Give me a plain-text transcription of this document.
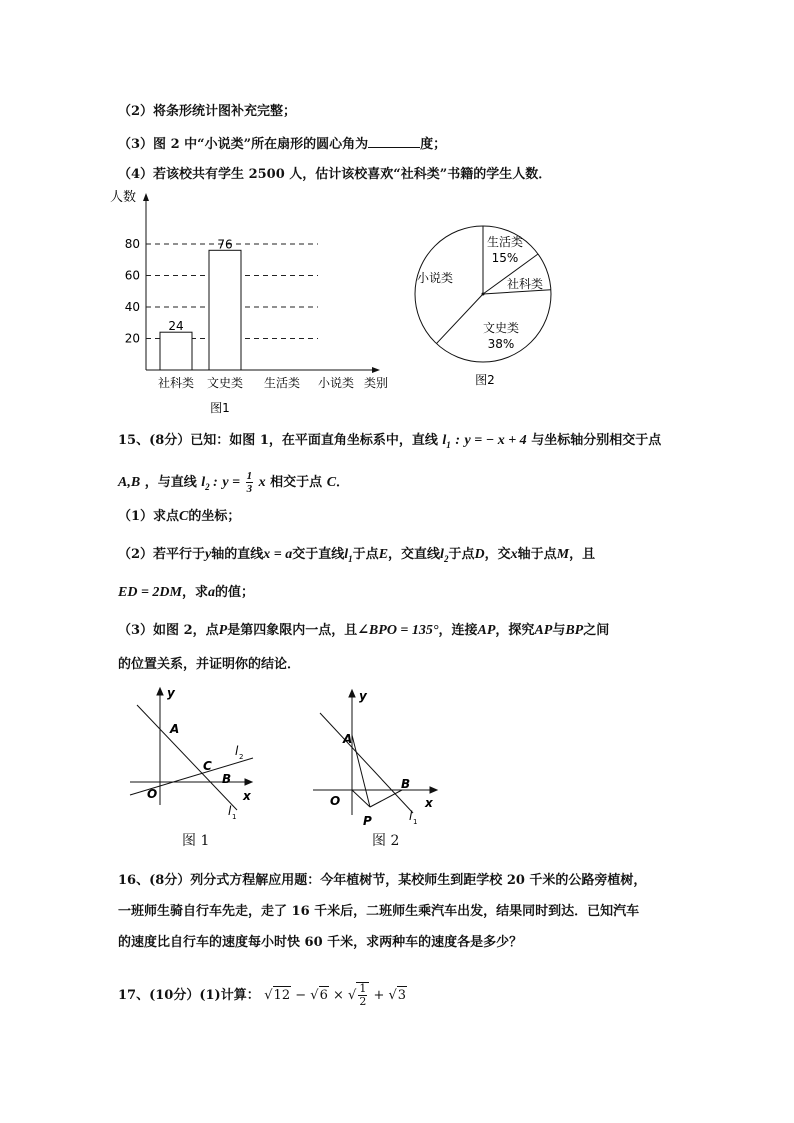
（2）将条形统计图补充完整；
（3）图 2 中“小说类”所在扇形的圆心角为	度；
（4）若该校共有学生 2500 人，估计该校喜欢“社科类”书籍的学生人数．
人数
20
40
60
80
24
社科类
76
文史类 生活类 小说类 类别
图1
生活类
15%
社科类
文史类
38%
小说类
图2
15、(8分）已知：如图 1，在平面直角坐标系中，直线 $l_1$ : y = − x + 4 与坐标轴分别相交于点
A,B ，与直线 $l_2$ : $y = \frac{1}{3}$ x 相交于点 C．
（1）求点C的坐标；
（2）若平行于y轴的直线x = a交于直线$l_1$于点E，交直线$l_2$于点D，交x轴于点M，且
ED = 2DM，求a的值；
（3）如图 2，点P是第四象限内一点，且∠BPO = 135°，连接AP，探究AP与BP之间
的位置关系，并证明你的结论．
y
x
A
C
B
O
l 2
l 1
图 1
y
x
A
B
O
P	l 1
图 2
16、(8分）列分式方程解应用题：今年植树节，某校师生到距学校 20 千米的公路旁植树，
一班师生骑自行车先走，走了 16 千米后，二班师生乘汽车出发，结果同时到达．已知汽车
的速度比自行车的速度每小时快 60 千米，求两种车的速度各是多少？
17、(10分）(1)计算： √12 − √6 × √ $\frac{1}{2} + √3$
